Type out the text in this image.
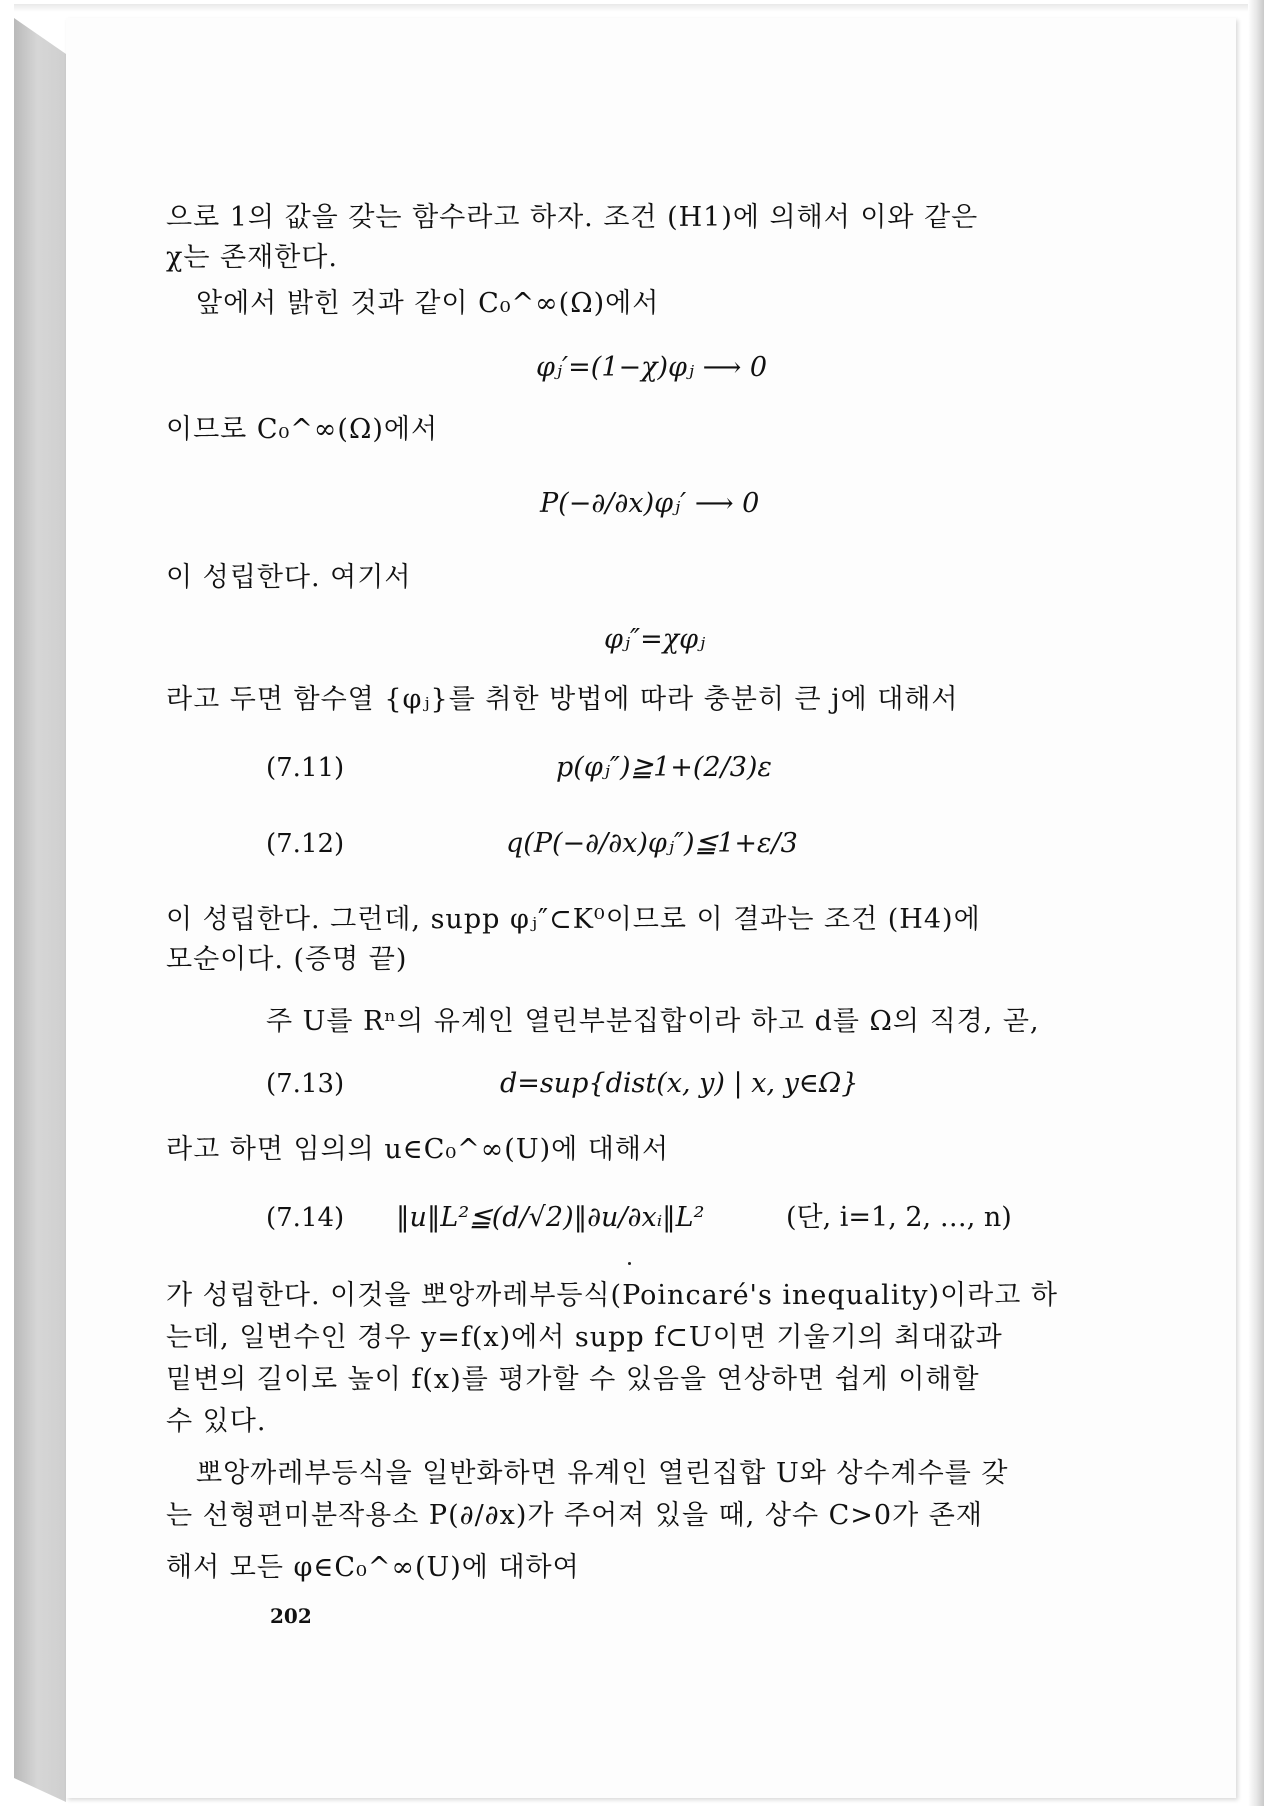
으로 1의 값을 갖는 함수라고 하자. 조건 (H1)에 의해서 이와 같은
χ는 존재한다.
앞에서 밝힌 것과 같이 C₀^∞(Ω)에서
φⱼ′=(1−χ)φⱼ ⟶ 0
이므로 C₀^∞(Ω)에서
P(−∂/∂x)φⱼ′ ⟶ 0
이 성립한다. 여기서
φⱼ″=χφⱼ
라고 두면 함수열 {φⱼ}를 취한 방법에 따라 충분히 큰 j에 대해서
(7.11)	p(φⱼ″)≧1+(2/3)ε
(7.12)	q(P(−∂/∂x)φⱼ″)≦1+ε/3
이 성립한다. 그런데, supp φⱼ″⊂K⁰이므로 이 결과는 조건 (H4)에
모순이다. (증명 끝)
주 U를 Rⁿ의 유계인 열린부분집합이라 하고 d를 Ω의 직경, 곧,
(7.13)	d=sup{dist(x, y) | x, y∈Ω}
라고 하면 임의의 u∈C₀^∞(U)에 대해서
(7.14) ‖u‖L²≦(d/√2)‖∂u/∂xᵢ‖L²	(단, i=1, 2, …, n)
가 성립한다. 이것을 뽀앙까레부등식(Poincaré's inequality)이라고 하
는데, 일변수인 경우 y=f(x)에서 supp f⊂U이면 기울기의 최대값과
밑변의 길이로 높이 f(x)를 평가할 수 있음을 연상하면 쉽게 이해할
수 있다.
뽀앙까레부등식을 일반화하면 유계인 열린집합 U와 상수계수를 갖
는 선형편미분작용소 P(∂/∂x)가 주어져 있을 때, 상수 C>0가 존재
해서 모든 φ∈C₀^∞(U)에 대하여
202
